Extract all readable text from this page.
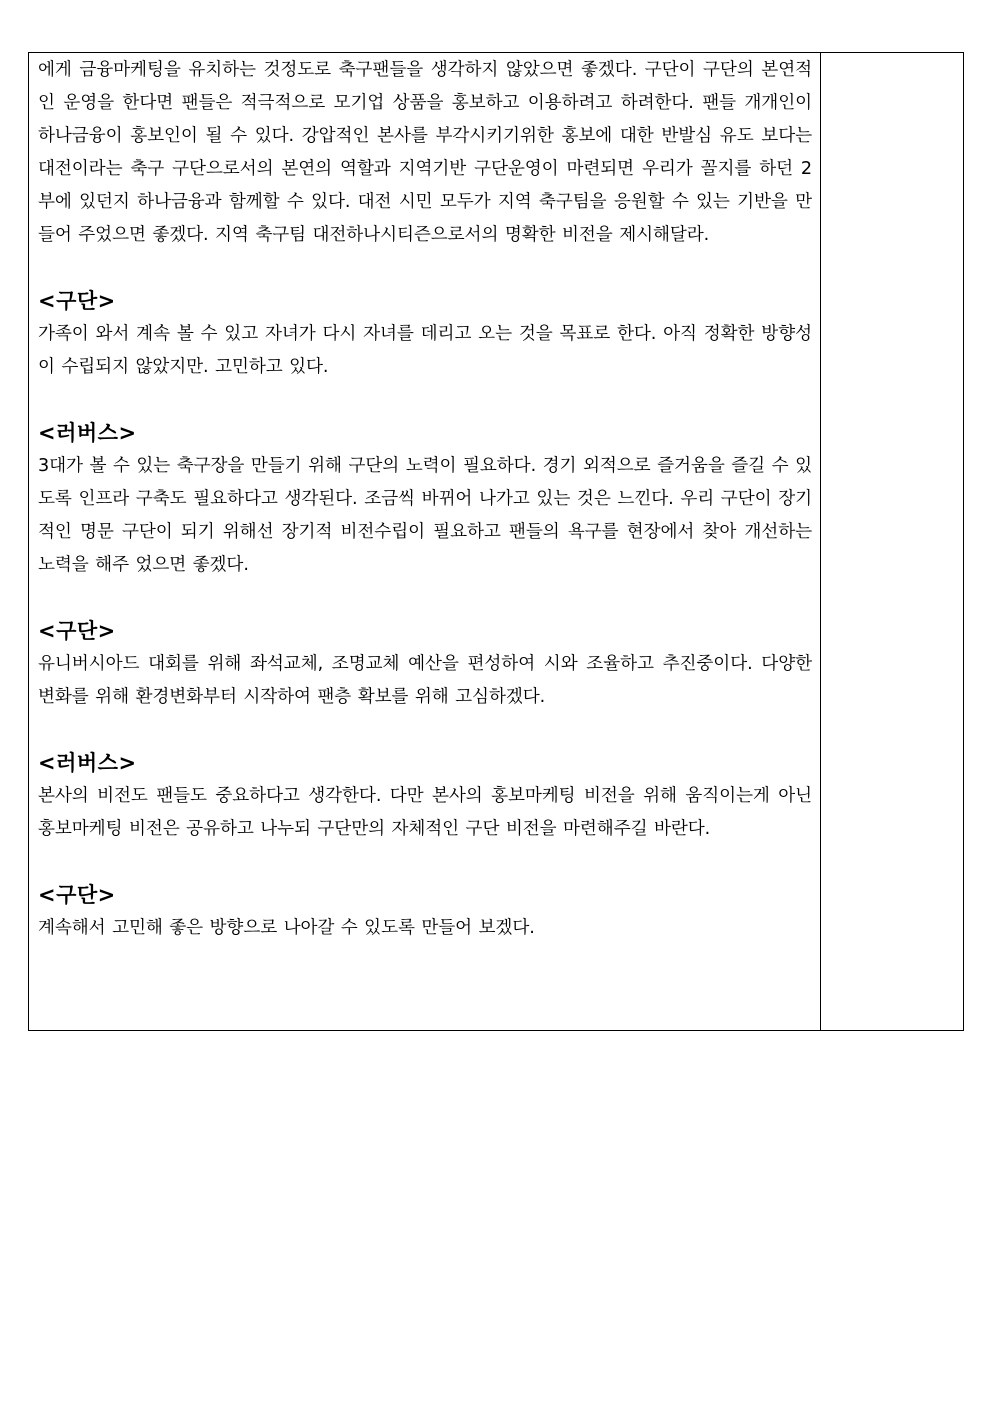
에게 금융마케팅을 유치하는 것정도로 축구팬들을 생각하지 않았으면 좋겠다. 구단이 구단의 본연적인 운영을 한다면 팬들은 적극적으로 모기업 상품을 홍보하고 이용하려고 하려한다. 팬들 개개인이 하나금융이 홍보인이 될 수 있다. 강압적인 본사를 부각시키기위한 홍보에 대한 반발심 유도 보다는 대전이라는 축구 구단으로서의 본연의 역할과 지역기반 구단운영이 마련되면 우리가 꼴지를 하던 2부에 있던지 하나금융과 함께할 수 있다. 대전 시민 모두가 지역 축구팀을 응원할 수 있는 기반을 만들어 주었으면 좋겠다. 지역 축구팀 대전하나시티즌으로서의 명확한 비전을 제시해달라.

<구단>

가족이 와서 계속 볼 수 있고 자녀가 다시 자녀를 데리고 오는 것을 목표로 한다. 아직 정확한 방향성이 수립되지 않았지만. 고민하고 있다.

<러버스>

3대가 볼 수 있는 축구장을 만들기 위해 구단의 노력이 필요하다. 경기 외적으로 즐거움을 즐길 수 있도록 인프라 구축도 필요하다고 생각된다. 조금씩 바뀌어 나가고 있는 것은 느낀다. 우리 구단이 장기적인 명문 구단이 되기 위해선 장기적 비전수립이 필요하고 팬들의 욕구를 현장에서 찾아 개선하는 노력을 해주 었으면 좋겠다.

<구단>

유니버시아드 대회를 위해 좌석교체, 조명교체 예산을 편성하여 시와 조율하고 추진중이다. 다양한 변화를 위해 환경변화부터 시작하여 팬층 확보를 위해 고심하겠다.

<러버스>

본사의 비전도 팬들도 중요하다고 생각한다. 다만 본사의 홍보마케팅 비전을 위해 움직이는게 아닌 홍보마케팅 비전은 공유하고 나누되 구단만의 자체적인 구단 비전을 마련해주길 바란다.

<구단>

계속해서 고민해 좋은 방향으로 나아갈 수 있도록 만들어 보겠다.
